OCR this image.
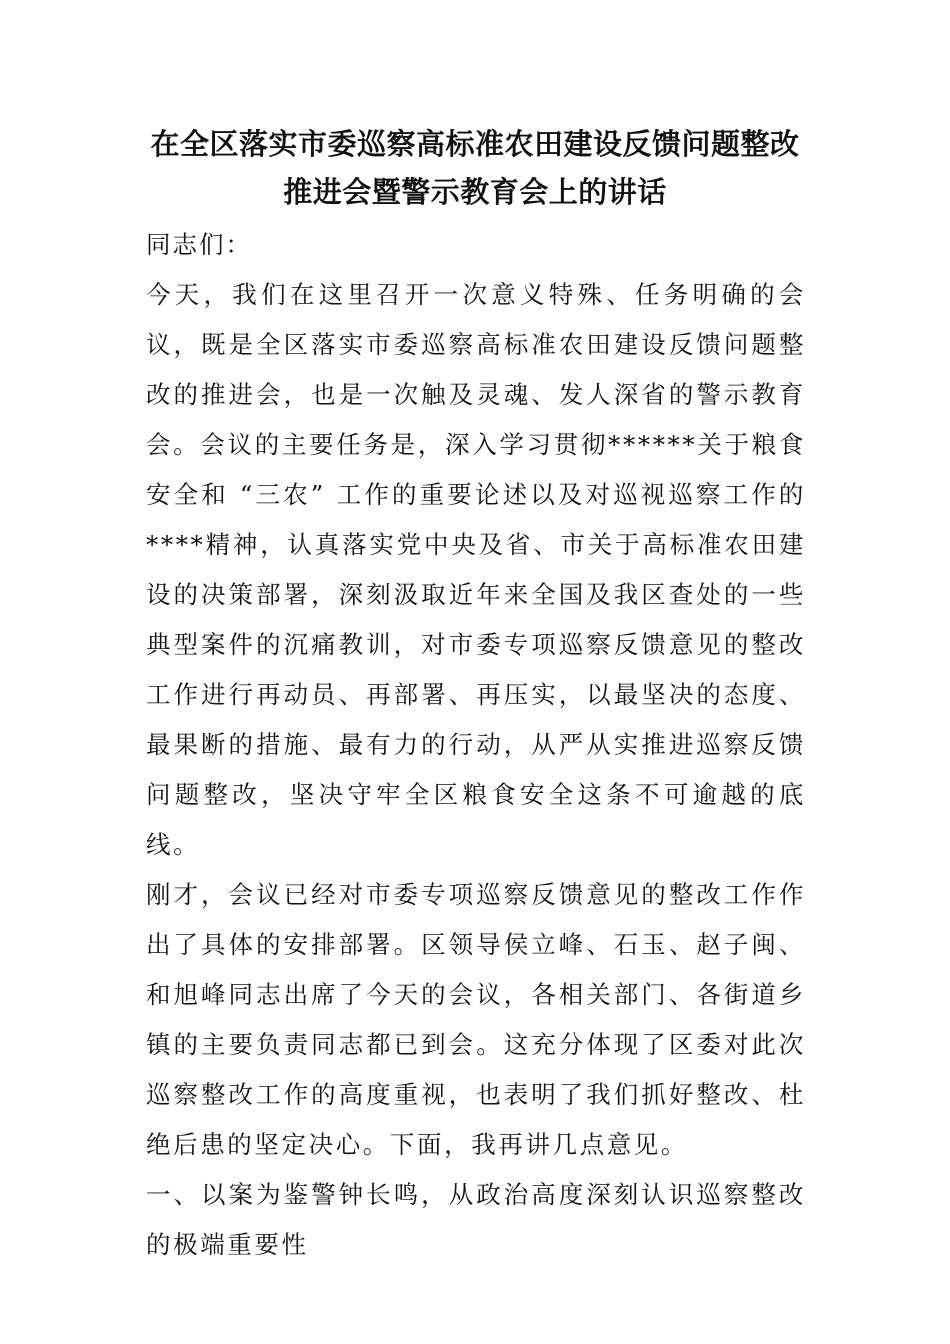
在全区落实市委巡察高标准农田建设反馈问题整改推进会暨警示教育会上的讲话

同志们：

今天，我们在这里召开一次意义特殊、任务明确的会议，既是全区落实市委巡察高标准农田建设反馈问题整改的推进会，也是一次触及灵魂、发人深省的警示教育会。会议的主要任务是，深入学习贯彻******关于粮食安全和 “三农” 工作的重要论述以及对巡视巡察工作的****精神，认真落实党中央及省、市关于高标准农田建设的决策部署，深刻汲取近年来全国及我区查处的一些典型案件的沉痛教训，对市委专项巡察反馈意见的整改工作进行再动员、再部署、再压实，以最坚决的态度、最果断的措施、最有力的行动，从严从实推进巡察反馈问题整改，坚决守牢全区粮食安全这条不可逾越的底线。

刚才，会议已经对市委专项巡察反馈意见的整改工作作出了具体的安排部署。区领导侯立峰、石玉、赵子闽、和旭峰同志出席了今天的会议，各相关部门、各街道乡镇的主要负责同志都已到会。这充分体现了区委对此次巡察整改工作的高度重视，也表明了我们抓好整改、杜绝后患的坚定决心。下面，我再讲几点意见。

一、以案为鉴警钟长鸣，从政治高度深刻认识巡察整改的极端重要性
